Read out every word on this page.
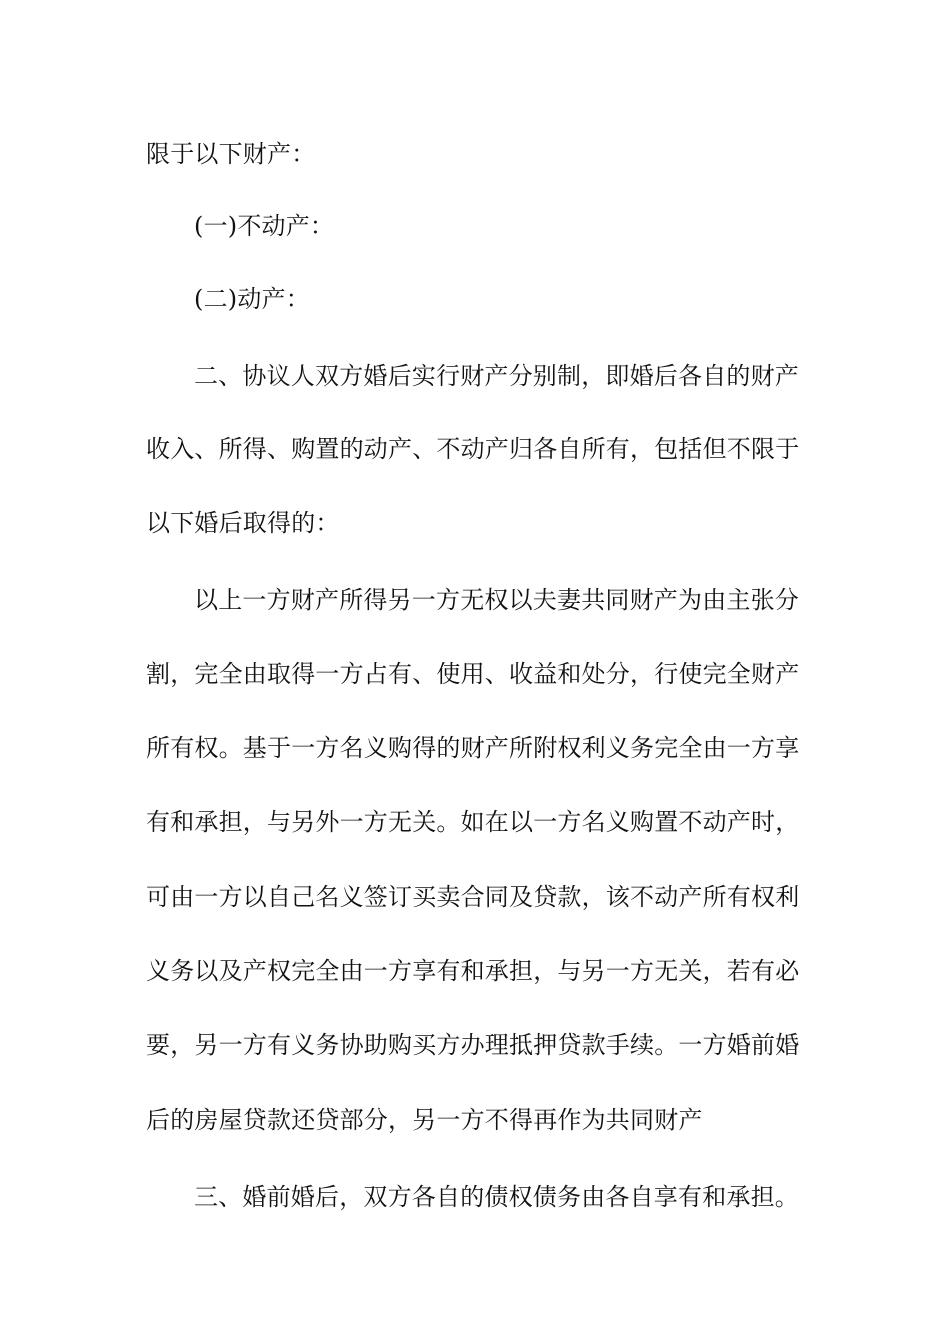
限于以下财产：
(一)不动产：
(二)动产：
二、协议人双方婚后实行财产分别制，即婚后各自的财产
收入、所得、购置的动产、不动产归各自所有，包括但不限于
以下婚后取得的：
以上一方财产所得另一方无权以夫妻共同财产为由主张分
割，完全由取得一方占有、使用、收益和处分，行使完全财产
所有权。基于一方名义购得的财产所附权利义务完全由一方享
有和承担，与另外一方无关。如在以一方名义购置不动产时，
可由一方以自己名义签订买卖合同及贷款，该不动产所有权利
义务以及产权完全由一方享有和承担，与另一方无关，若有必
要，另一方有义务协助购买方办理抵押贷款手续。一方婚前婚
后的房屋贷款还贷部分，另一方不得再作为共同财产
三、婚前婚后，双方各自的债权债务由各自享有和承担。
